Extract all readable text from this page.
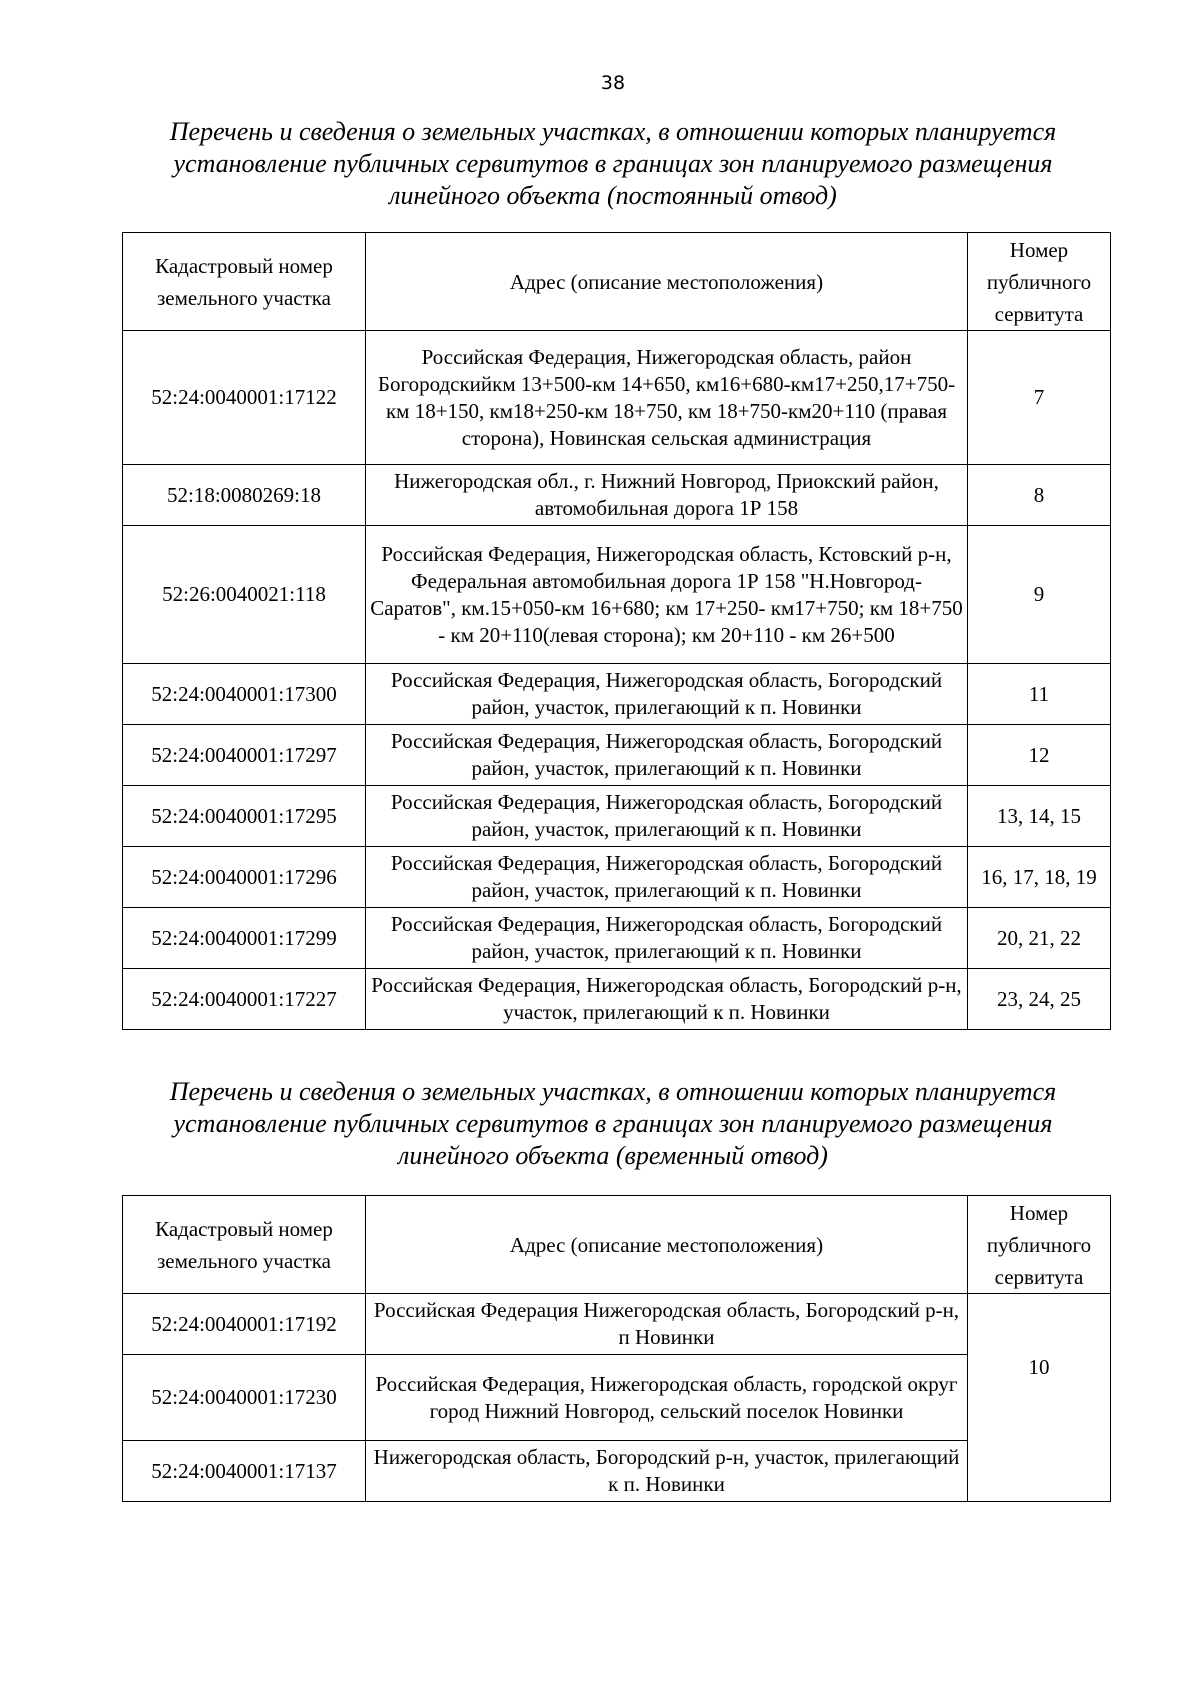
38
Перечень и сведения о земельных участках, в отношении которых планируется
установление публичных сервитутов в границах зон планируемого размещения
линейного объекта (постоянный отвод)
Кадастровый номер земельного участка	Адрес (описание местоположения)	Номер публичного сервитута
52:24:0040001:17122	Российская Федерация, Нижегородская область, район Богородскийкм 13+500-км 14+650, км16+680-км17+250,17+750-км 18+150, км18+250-км 18+750, км 18+750-км20+110 (правая сторона), Новинская сельская администрация	7
52:18:0080269:18	Нижегородская обл., г. Нижний Новгород, Приокский район, автомобильная дорога 1Р 158	8
52:26:0040021:118	Российская Федерация, Нижегородская область, Кстовский р-н, Федеральная автомобильная дорога 1Р 158 "Н.Новгород-Саратов", км.15+050-км 16+680; км 17+250- км17+750; км 18+750 - км 20+110(левая сторона); км 20+110 - км 26+500	9
52:24:0040001:17300	Российская Федерация, Нижегородская область, Богородский район, участок, прилегающий к п. Новинки	11
52:24:0040001:17297	Российская Федерация, Нижегородская область, Богородский район, участок, прилегающий к п. Новинки	12
52:24:0040001:17295	Российская Федерация, Нижегородская область, Богородский район, участок, прилегающий к п. Новинки	13, 14, 15
52:24:0040001:17296	Российская Федерация, Нижегородская область, Богородский район, участок, прилегающий к п. Новинки	16, 17, 18, 19
52:24:0040001:17299	Российская Федерация, Нижегородская область, Богородский район, участок, прилегающий к п. Новинки	20, 21, 22
52:24:0040001:17227	Российская Федерация, Нижегородская область, Богородский р-н, участок, прилегающий к п. Новинки	23, 24, 25
Перечень и сведения о земельных участках, в отношении которых планируется
установление публичных сервитутов в границах зон планируемого размещения
линейного объекта (временный отвод)
Кадастровый номер земельного участка	Адрес (описание местоположения)	Номер публичного сервитута
52:24:0040001:17192	Российская Федерация Нижегородская область, Богородский р-н, п Новинки	10
52:24:0040001:17230	Российская Федерация, Нижегородская область, городской округ город Нижний Новгород, сельский поселок Новинки	
52:24:0040001:17137	Нижегородская область, Богородский р-н, участок, прилегающий к п. Новинки	
